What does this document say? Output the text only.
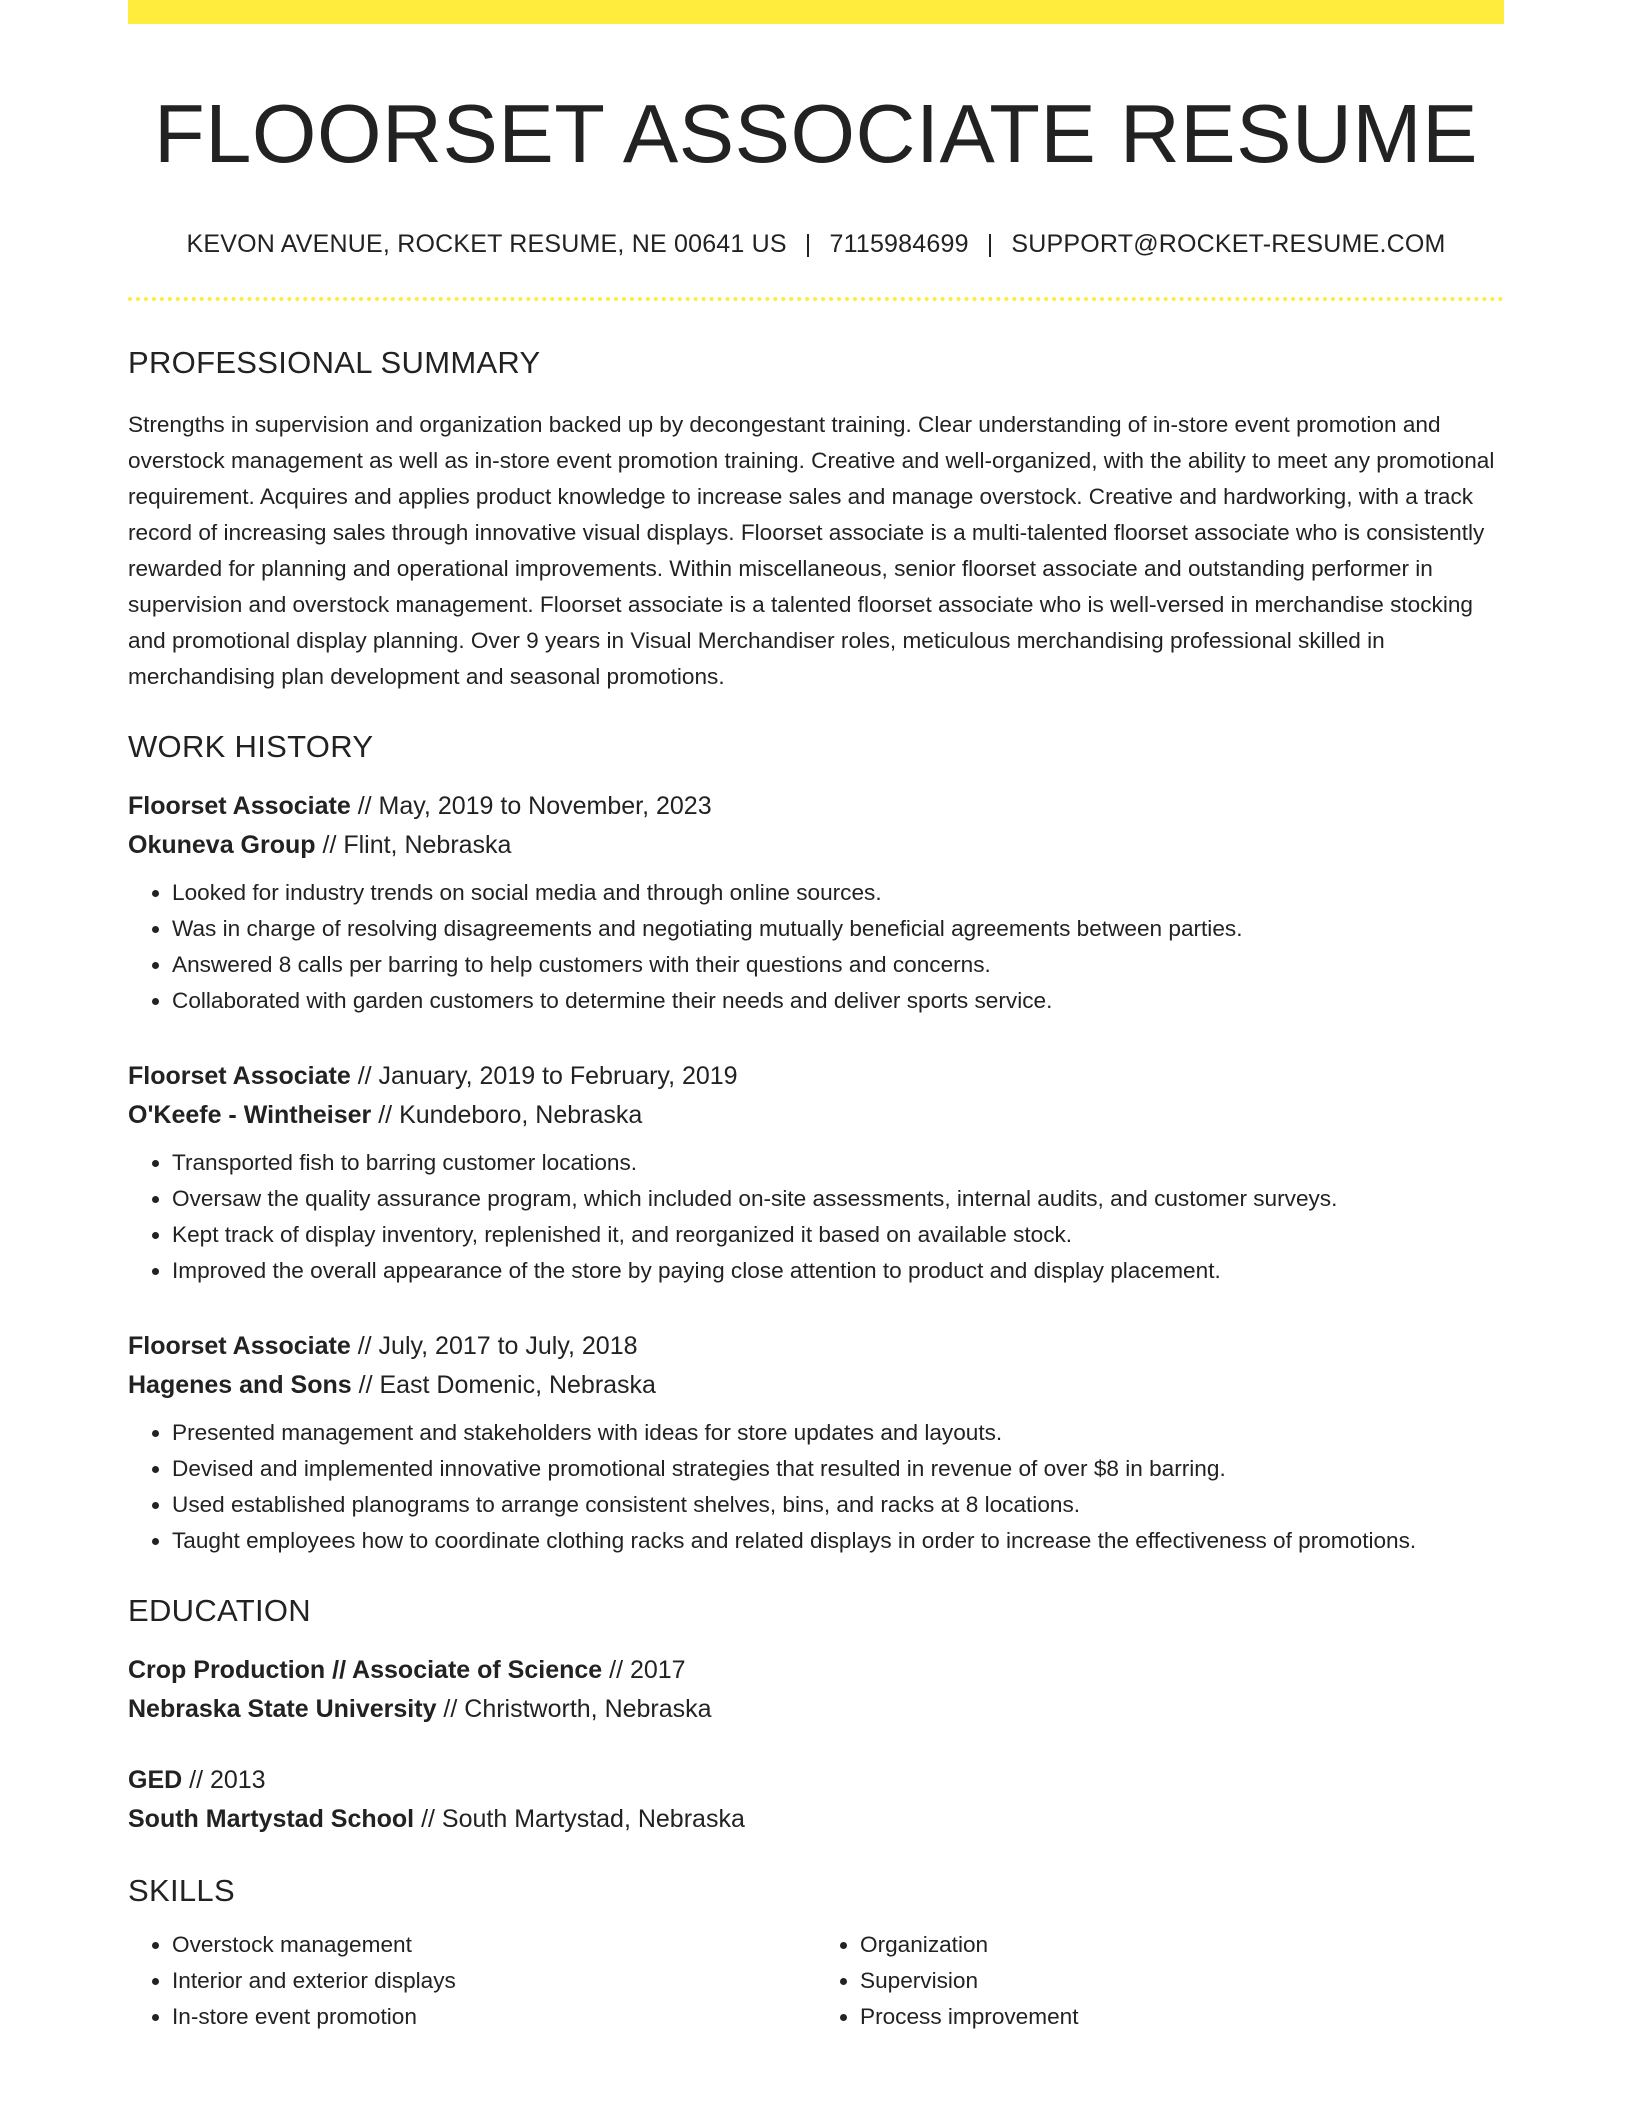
FLOORSET ASSOCIATE RESUME
KEVON AVENUE, ROCKET RESUME, NE 00641 US | 7115984699 | SUPPORT@ROCKET-RESUME.COM
PROFESSIONAL SUMMARY

Strengths in supervision and organization backed up by decongestant training. Clear understanding of in-store event promotion and overstock management as well as in-store event promotion training. Creative and well-organized, with the ability to meet any promotional requirement. Acquires and applies product knowledge to increase sales and manage overstock. Creative and hardworking, with a track record of increasing sales through innovative visual displays. Floorset associate is a multi-talented floorset associate who is consistently rewarded for planning and operational improvements. Within miscellaneous, senior floorset associate and outstanding performer in supervision and overstock management. Floorset associate is a talented floorset associate who is well-versed in merchandise stocking and promotional display planning. Over 9 years in Visual Merchandiser roles, meticulous merchandising professional skilled in merchandising plan development and seasonal promotions.

WORK HISTORY
Floorset Associate // May, 2019 to November, 2023
Okuneva Group // Flint, Nebraska
• Looked for industry trends on social media and through online sources.
• Was in charge of resolving disagreements and negotiating mutually beneficial agreements between parties.
• Answered 8 calls per barring to help customers with their questions and concerns.
• Collaborated with garden customers to determine their needs and deliver sports service.
Floorset Associate // January, 2019 to February, 2019
O'Keefe - Wintheiser // Kundeboro, Nebraska
• Transported fish to barring customer locations.
• Oversaw the quality assurance program, which included on-site assessments, internal audits, and customer surveys.
• Kept track of display inventory, replenished it, and reorganized it based on available stock.
• Improved the overall appearance of the store by paying close attention to product and display placement.
Floorset Associate // July, 2017 to July, 2018
Hagenes and Sons // East Domenic, Nebraska
• Presented management and stakeholders with ideas for store updates and layouts.
• Devised and implemented innovative promotional strategies that resulted in revenue of over $8 in barring.
• Used established planograms to arrange consistent shelves, bins, and racks at 8 locations.
• Taught employees how to coordinate clothing racks and related displays in order to increase the effectiveness of promotions.
EDUCATION
Crop Production // Associate of Science // 2017
Nebraska State University // Christworth, Nebraska
GED // 2013
South Martystad School // South Martystad, Nebraska
SKILLS
• Overstock management
• Interior and exterior displays
• In-store event promotion
• Organization
• Supervision
• Process improvement
